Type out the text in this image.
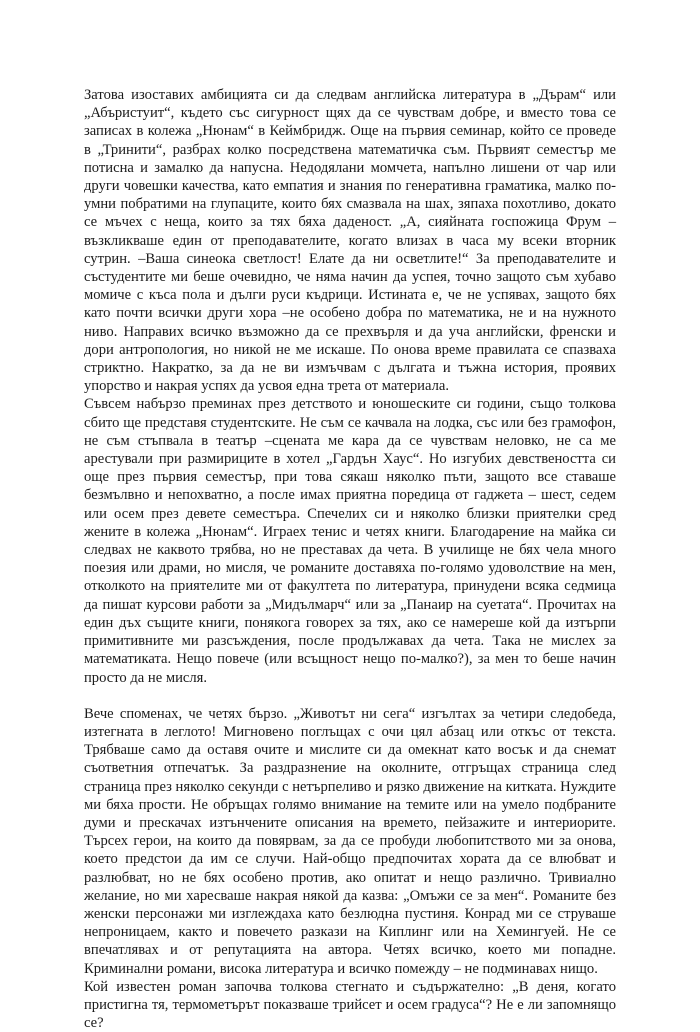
Затова изоставих амбицията си да следвам английска литература в „Дърам“ или „Абъристуит“, където със сигурност щях да се чувствам добре, и вместо това се записах в колежа „Нюнам“ в Кеймбридж. Още на първия семинар, който се проведе в „Тринити“, разбрах колко посредствена математичка съм. Първият семестър ме потисна и замалко да напусна. Недодялани момчета, напълно лишени от чар или други човешки качества, като емпатия и знания по генеративна граматика, малко по-умни побратими на глупаците, които бях смазвала на шах, зяпаха похотливо, докато се мъчех с неща, които за тях бяха даденост. „А, сияйната госпожица Фрум – възкликваше един от преподавателите, когато влизах в часа му всеки вторник сутрин. –Ваша синеока светлост! Елате да ни осветлите!“ За преподавателите и състудентите ми беше очевидно, че няма начин да успея, точно защото съм хубаво момиче с къса пола и дълги руси къдрици. Истината е, че не успявах, защото бях като почти всички други хора –не особено добра по математика, не и на нужното ниво. Направих всичко възможно да се прехвърля и да уча английски, френски и дори антропология, но никой не ме искаше. По онова време правилата се спазваха стриктно. Накратко, за да не ви измъчвам с дългата и тъжна история, проявих упорство и накрая успях да усвоя една трета от материала.

Съвсем набързо преминах през детството и юношеските си години, също толкова сбито ще представя студентските. Не съм се качвала на лодка, със или без грамофон, не съм стъпвала в театър –сцената ме кара да се чувствам неловко, не са ме арестували при размириците в хотел „Гардън Хаус“. Но изгубих девствеността си още през първия семестър, при това сякаш няколко пъти, защото все ставаше безмълвно и непохватно, а после имах приятна поредица от гаджета – шест, седем или осем през девете семестъра. Спечелих си и няколко близки приятелки сред жените в колежа „Нюнам“. Играех тенис и четях книги. Благодарение на майка си следвах не каквото трябва, но не преставах да чета. В училище не бях чела много поезия или драми, но мисля, че романите доставяха по-голямо удоволствие на мен, отколкото на приятелите ми от факултета по литература, принудени всяка седмица да пишат курсови работи за „Мидълмарч“ или за „Панаир на суетата“. Прочитах на един дъх същите книги, понякога говорех за тях, ако се намереше кой да изтърпи примитивните ми разсъждения, после продължавах да чета. Така не мислех за математиката. Нещо повече (или всъщност нещо по-малко?), за мен то беше начин просто да не мисля.

Вече споменах, че четях бързо. „Животът ни сега“ изгълтах за четири следобеда, изтегната в леглото! Мигновено поглъщах с очи цял абзац или откъс от текста. Трябваше само да оставя очите и мислите си да омекнат като восък и да снемат съответния отпечатък. За раздразнение на околните, отгръщах страница след страница през няколко секунди с нетърпеливо и рязко движение на китката. Нуждите ми бяха прости. Не обръщах голямо внимание на темите или на умело подбраните думи и прескачах изтънчените описания на времето, пейзажите и интериорите. Търсех герои, на които да повярвам, за да се пробуди любопитството ми за онова, което предстои да им се случи. Най-общо предпочитах хората да се влюбват и разлюбват, но не бях особено против, ако опитат и нещо различно. Тривиално желание, но ми харесваше накрая някой да казва: „Омъжи се за мен“. Романите без женски персонажи ми изглеждаха като безлюдна пустиня. Конрад ми се струваше непроницаем, както и повечето разкази на Киплинг или на Хемингуей. Не се впечатлявах и от репутацията на автора. Четях всичко, което ми попадне. Криминални романи, висока литература и всичко помежду – не подминавах нищо.

Кой известен роман започва толкова стегнато и съдържателно: „В деня, когато пристигна тя, термометърът показваше трийсет и осем градуса“? Не е ли запомнящо се?
